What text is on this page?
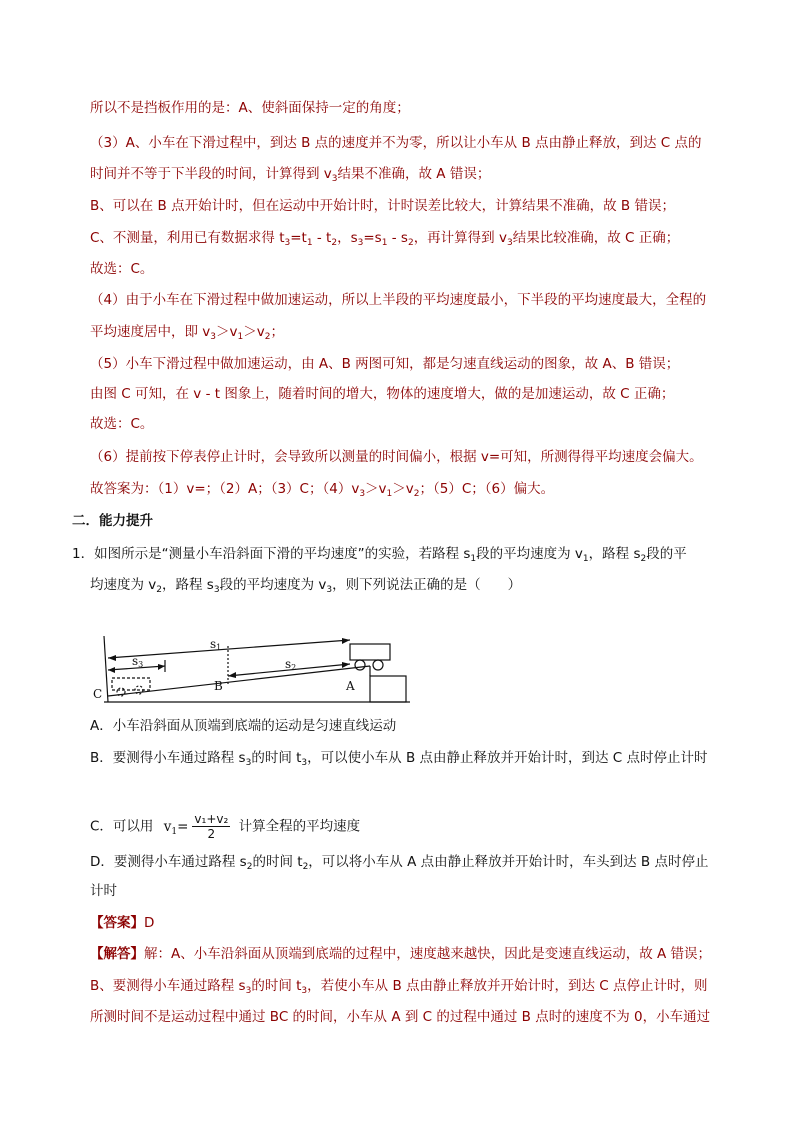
所以不是挡板作用的是：A、使斜面保持一定的角度；
（3）A、小车在下滑过程中，到达 B 点的速度并不为零，所以让小车从 B 点由静止释放，到达 C 点的
时间并不等于下半段的时间，计算得到 $v_3$结果不准确，故 A 错误；
B、可以在 B 点开始计时，但在运动中开始计时，计时误差比较大，计算结果不准确，故 B 错误；
C、不测量，利用已有数据求得 $t_3=t_1 - t_2$，$s_3=s_1 - s_2$，再计算得到 $v_3$结果比较准确，故 C 正确；
故选：C。
（4）由于小车在下滑过程中做加速运动，所以上半段的平均速度最小，下半段的平均速度最大，全程的
平均速度居中，即 $v_3>v_1>v_2$；
（5）小车下滑过程中做加速运动，由 A、B 两图可知，都是匀速直线运动的图象，故 A、B 错误；
由图 C 可知，在 v - t 图象上，随着时间的增大，物体的速度增大，做的是加速运动，故 C 正确；
故选：C。
（6）提前按下停表停止计时，会导致所以测量的时间偏小，根据 v=可知，所测得得平均速度会偏大。
故答案为：（1）v=；（2）A；（3）C；$(4)v_3>v_1>v_2$；（5）C；（6）偏大。
二．能力提升
1．如图所示是“测量小车沿斜面下滑的平均速度”的实验，若路程 $s_1$段的平均速度为 $v_1$，路程 $s_2$段的平
均速度为 $v_2$，路程 $s_3$段的平均速度为 $v_3$，则下列说法正确的是（　　）
s1
s2
s3
A
B
C
A．小车沿斜面从顶端到底端的运动是匀速直线运动
B．要测得小车通过路程 $s_3$的时间 $t_3$，可以使小车从 B 点由静止释放并开始计时，到达 C 点时停止计时
C．可以用 $v_1= \frac{\text{v₁+v₂}}{2}$ 计算全程的平均速度
D．要测得小车通过路程 $s_2$的时间 $t_2$，可以将小车从 A 点由静止释放并开始计时，车头到达 B 点时停止
计时
【答案】D
【解答】解：A、小车沿斜面从顶端到底端的过程中，速度越来越快，因此是变速直线运动，故 A 错误；
B、要测得小车通过路程 $s_3$的时间 $t_3$，若使小车从 B 点由静止释放并开始计时，到达 C 点停止计时，则
所测时间不是运动过程中通过 BC 的时间，小车从 A 到 C 的过程中通过 B 点时的速度不为 0，小车通过
